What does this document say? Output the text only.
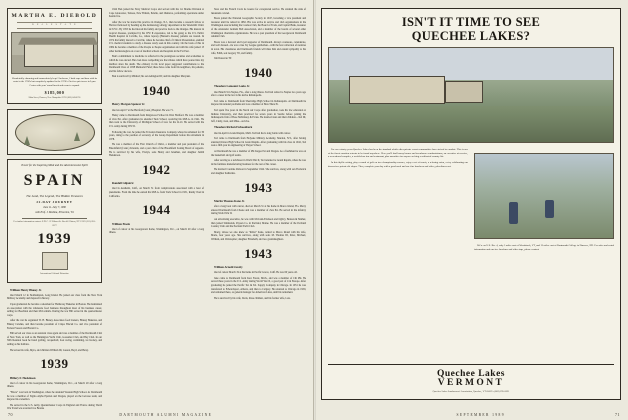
MARTHA E. DIEBOLD
R E A L E S T A T E
Wonderfully charming and immaculately kept 2 bedroom, 2 bath cape and barn with its roots in the 1700's but completely updated in the 1970's. On five quiet acres in Lyme Center with your 'round brook and room to expand.
$185,000
Main Street, Hanover, New Hampshire 03755 (603) 643-6700
Travel for the Inquiring Mind and the Adventuresome Spirit
SPAIN
The Land, The Legend, The Hidden Treasures
22-DAY JOURNEY
June 11–July 7, 1990
with Prof. J. Medina, Princeton, '81
For further information contact: E.P.I.C. 22 Wilmot St. Box 48 Clinton, NY 13323 (315) 853-8377
1939
International Cultural Education

William Henry Blaney Jr.

died March 12 in Northampton, Long Island. He joined our class from the New York Military Academy and majored in history.

Upon graduation he became a salesman for Hathaway Bakeries in Boston. He maintained an association with the wholesale food business throughout most of his business career, selling for Beechnut and then McCormick. During the war Bill served in the quartermaster corps.

After the war he organized W. H. Blaney Associates food brokers, Blaney Bakeries, and Blaney Candies, and then became president of Crispo Biscuit Co. and vice president of Federal Sweets and Biscuit Co.

Bill served our class as an assistant class agent and was a member of the Dartmouth Club of New York, as well as the Huntington Yacht Club, Gossamer Club, and Bay Club. In our 50th Reunion book he listed golfing, racquetball, boat racing, swimming, ice hockey, and sailing as his hobbies.

He leaves his wife, Myra, and children William III, Lauren, Boyd, and Betsy.

1939

Hillary F. Hoskinson

died of cancer in his Georgetown home, Washington, D.C., on March 20 after a long illness.

"Bruce" was born in Washington, where he attended Western High School. At Dartmouth he was a member of Sigma Alpha Epsilon and Dragon, played on the lacrosse team, and majored in economics.

He served in the U.S. Army Quartermaster Corps in England and France during World War II and was awarded two Bronze

1942 Ben joined the Navy Medical Corps and served with the 1st Marine Division at Cape Gloucester, Talasea, New Britain, Peleliu, and Okinawa, performing operations under hostile fire.

After the war he started his practice in Orange, N.J., then became a research fellow at Harvard followed by heading up the dermatology-allergy department at the Vanderbilt Clinic in N.Y.C. By 1955 he had moved his family and practice back to the Oranges. His interest in tropical diseases, prompted by his WW II experience, led to his going to the U.S. Public Health hospital in Carville, La., where leprosy (Hansen's disease) patients are treated. In 1974 his family moved to Carville, where he became chief of Clinical Presentation, enabled U.S. medical students to study a disease rarely seen in this country. On the basis of this in 1984 he became a member of the People to People organization and with his wife joined 13 other dermatologists on a tour of medical schools and hospitals in the Far East.

Ben's commitment to medicine is reflected in the prestigious societies and academies to which he was elected. But even more compelling are the tributes which have poured into my mailbox since his death. The obituary in his local paper suggested contributions to the Dartmouth Class of 1938 Memorial Fund; these have come from his neighbors, his patients, and his fellow doctors.

Ben is survived by Mildred; his son Arlington III; and his daughter Maryann.

1940

Henry Morgan Spencer Jr.

died on April 7 at the Hartford (Conn.) Hospital. He was 71.

Henry came to Dartmouth from Kingswood School in West Hartford. He was a member of Zeta Psi. After graduation he attended Tuck School, receiving his M.B.A. in 1941. He then went to the University of Michigan School of Law for his LL.D. He served with the U.S. Army during WW II.

Following the war, he joined the Travelers Insurance Company where he remained for 30 years, rising to the position of secretary of the Group Department before his retirement in 1978.

He was a member of the First Church of Christ, a member and past president of the Bloomfield (Conn.) Kiwanis, and a past chair of the Bloomfield Zoning Board of Appeals. He is survived by his wife, Evelyn, sons Henry and Jonathan, and daughter Judith Henderson.

1942

Randall Gilpatric

died in Anaheim, Calif., on March 31 from complications associated with a bout of pneumonia. From the time he earned his M.B.A. from Tuck School in 1951, Randy lived in California.

1944

William Eisele

died of cancer at his Georgetown home, Washington, D.C., on March 20 after a long illness.

Stars and the French Croix de Guerre for exceptional service. He attained the rank of lieutenant colonel.

Boots joined the National Geographic Society in 1947, becoming a vice president and treasurer until he retired in 1982. His was active in service and club organizations in the Washington area including the Cosmos Club, the Board of Trade, and Capital Bank, treasurer of the Alexander Graham Bell Association, and a member of the boards of several other Washington charitable organizations. He was a past president of the Georgetown Dartmouth Alumni Club.

Boots was a devoted and loyal supporter of Dartmouth. Always courteous, considerate, and well dressed—he was a true Ivy League gentleman—with the best collection of neckties in town. His classmates and Dartmouth friends will miss him and extend sympathy to his wife, Edith, son Gregory '65, and family.

Jim Donovan '39

1940

Theodore Lamount Leeks Jr.

died March 9 in Naples, Fla., after a long illness. Ted had retired to Naples two years ago after a career in the law in his native Indianapolis.

Ted came to Dartmouth from Shortridge High School in Indianapolis. At Dartmouth he majored in national problems and was a member of Beta Theta Pi.

Ted spent five years in the Naval Air Corps after graduation, took his law education at Indiana University, and then practiced for seven years in Seattle before joining the Indianapolis firm of Bose McKinney & Evans. He married Jean and their children—Ted III, Jeff, Cindy, Joan, and Mike—survive.

Theodore Richard Schoonbeck

died in April in Grand Rapids, Mich. Ted had had a long battle with cancer.

Ted came to Dartmouth from Holyoke Military Academy, Mardon, N.Y., after having attended Ottawa High School in Grand Rapids. After graduating with his class in 1942, Ted took a fifth year in engineering at Thayer School.

At Dartmouth he was a member of Phi Kappa Psi and Dragon. As a freshman he was on the basketball and golf teams.

After serving as a subchaser in World War II, Ted returned to Grand Rapids, where he was in the furniture manufacturing business for the rest of his career.

He married Caroline Perison in September 1942. She survives, along with son Frederick and daughter Katherine.

1943

Martin Thomas Kane Jr.

after a long bout with cancer, died on March 31 at his home in Marco Island, Fla. Marty entered Dartmouth from Choate and was a member of Zeta Psi. He served in the infantry during World War II.

An advertising executive, he was with McCann-Erickson and Ogilvy, Benson & Mather, then joined Simmonds, Payson Co. in Portland, Maine. He was a member of the Portland Country Club and the Portland Yacht Club.

Marty, whose we also knew as "Killer" Kane, retired to Marco Island with his wife, Marie, four years ago. She survives, along with sons M. Thomas III, Peter, Michael, William, and Christopher; daughter Elizabeth; and two granddaughters.

1943

William Arnold Jacoby

died of cancer March 19 at his home in Pacific Grove, Calif. He was 66 years old.

Jake came to Dartmouth from Kew Forest, Mich., and was a member of Chi Phi. He served three years in the U.S. Army during World War II, a good part of it in Europe. After graduating he joined the Pacific Tel. & Tel. Supply Company in Chicago. In 1951 he was transferred to Edwardsport, Alberta, and then to Calgary. He returned to Chicago in 1959, and remained there, as general manager for American Lines, until his retirement.

He is survived by his wife, Doris, three children, and his former wife, Lois.

70	DARTMOUTH ALUMNI MAGAZINE
ISN'T IT TIME TO SEE
QUECHEE LAKES?

For over ninety years Quechee Lakes has been the standard which other private resort communities have strived to emulate. This is one of the finest vacation retreats to be found anywhere. Here you'll find luxury homes and townhouse condominiums, an executive air service, a recreational complex, a world-class inn and restaurant, plus amenities for anyone seeking a cultivated country life.

In this idyllic setting, play a round of golf on two championship courses, enjoy a set of tennis, a relaxing swim, or try exhilarating our down-river private ski slopes. Then, complete your day with a good meal and one fine luncheon and video, plus dinner out.

We're on U.S. Rte. 4, only 5 miles east of Woodstock, VT, and 12 miles east of Dartmouth College in Hanover, NH. For sales and rental information and our free brochure and video tape, please contact:

Quechee Lakes
VERMONT
Quechee Lakes Landowners' Association, Quechee, VT 05059 • (802) 295-2621
71
SEPTEMBER 1989
